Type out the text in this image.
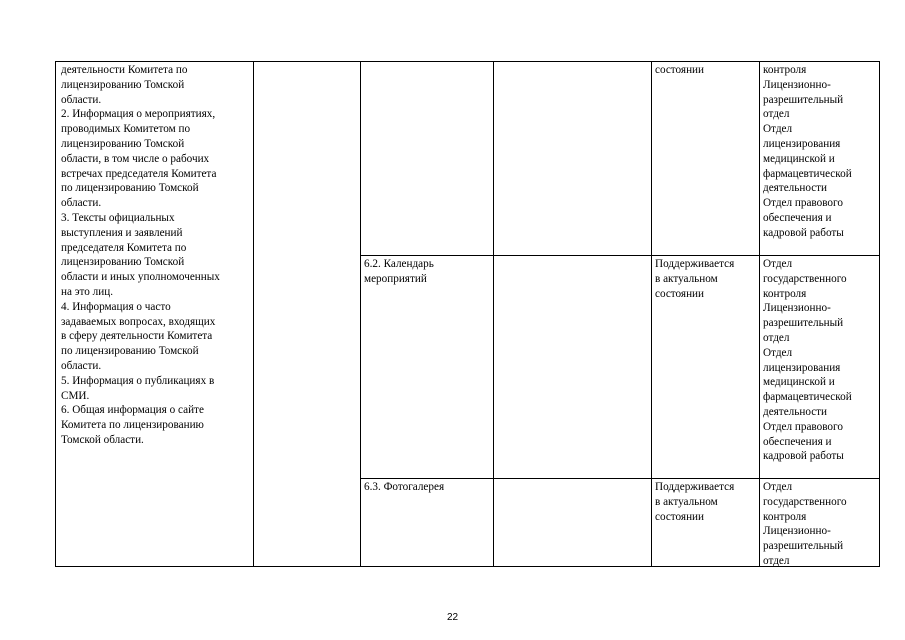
деятельности Комитета по
лицензированию Томской
области.
2. Информация о мероприятиях,
проводимых Комитетом по
лицензированию Томской
области, в том числе о рабочих
встречах председателя Комитета
по лицензированию Томской
области.
3. Тексты официальных
выступления и заявлений
председателя Комитета по
лицензированию Томской
области и иных уполномоченных
на это лиц.
4. Информация о часто
задаваемых вопросах, входящих
в сферу деятельности Комитета
по лицензированию Томской
области.
5. Информация о публикациях в
СМИ.
6. Общая информация о сайте
Комитета по лицензированию
Томской области.
состоянии	контроля
Лицензионно-
разрешительный
отдел
Отдел
лицензирования
медицинской и
фармацевтической
деятельности
Отдел правового
обеспечения и
кадровой работы
6.2. Календарь
мероприятий
Поддерживается
в актуальном
состоянии
Отдел
государственного
контроля
Лицензионно-
разрешительный
отдел
Отдел
лицензирования
медицинской и
фармацевтической
деятельности
Отдел правового
обеспечения и
кадровой работы
6.3. Фотогалерея	Поддерживается
в актуальном
состоянии
Отдел
государственного
контроля
Лицензионно-
разрешительный
отдел
22
